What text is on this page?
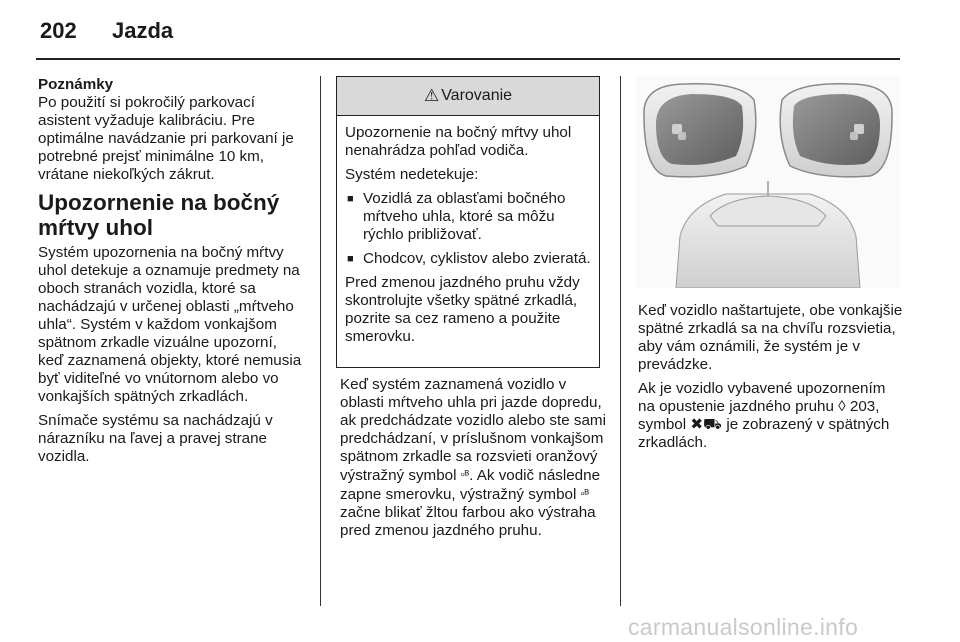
202 Jazda
Poznámky

Po použití si pokročilý parkovací asistent vyžaduje kalibráciu. Pre optimálne navádzanie pri parkovaní je potrebné prejsť minimálne 10 km, vrátane niekoľkých zákrut.

Upozornenie na bočný mŕtvy uhol

Systém upozornenia na bočný mŕtvy uhol detekuje a oznamuje predmety na oboch stranách vozidla, ktoré sa nachádzajú v určenej oblasti „mŕtveho uhla“. Systém v každom vonkajšom spätnom zrkadle vizuálne upozorní, keď zaznamená objekty, ktoré nemusia byť viditeľné vo vnútornom alebo vo vonkajších spätných zrkadlách.

Snímače systému sa nachádzajú v nárazníku na ľavej a pravej strane vozidla.

⚠ Varovanie

Upozornenie na bočný mŕtvy uhol nenahrádza pohľad vodiča.

Systém nedetekuje:

■ Vozidlá za oblasťami bočného mŕtveho uhla, ktoré sa môžu rýchlo približovať.
■ Chodcov, cyklistov alebo zvieratá.

Pred zmenou jazdného pruhu vždy skontrolujte všetky spätné zrkadlá, pozrite sa cez rameno a použite smerovku.

Keď systém zaznamená vozidlo v oblasti mŕtveho uhla pri jazde dopredu, ak predchádzate vozidlo alebo ste sami predchádzaní, v príslušnom vonkajšom spätnom zrkadle sa rozsvieti oranžový výstražný symbol ▫︎ᴮ. Ak vodič následne zapne smerovku, výstražný symbol ▫︎ᴮ začne blikať žltou farbou ako výstraha pred zmenou jazdného pruhu.

Keď vozidlo naštartujete, obe vonkajšie spätné zrkadlá sa na chvíľu rozsvietia, aby vám oznámili, že systém je v prevádzke.

Ak je vozidlo vybavené upozornením na opustenie jazdného pruhu ◊ 203, symbol ✖︎⛟ je zobrazený v spätných zrkadlách.

carmanualsonline.info
